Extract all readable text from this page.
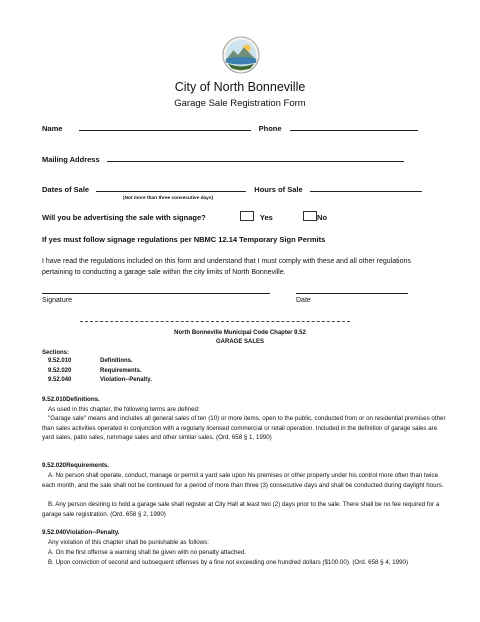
City of North Bonneville
Garage Sale Registration Form
Name	Phone
Mailing Address
Dates of Sale	Hours of Sale
(Not more than three consecutive days)
Will you be advertising the sale with signage?	Yes	No
If yes must follow signage regulations per NBMC 12.14 Temporary Sign Permits
I have read the regulations included on this form and understand that I must comply with these and all other regulations pertaining to conducting a garage sale within the city limits of North Bonneville.
Signature	Date
North Bonneville Municipal Code Chapter 9.52
GARAGE SALES
Sections:
9.52.010	Definitions.
9.52.020	Requirements.
9.52.040	Violation--Penalty.
9.52.010Definitions.
As used in this chapter, the following terms are defined:
"Garage sale" means and includes all general sales of ten (10) or more items, open to the public, conducted from or on residential premises other than sales activities operated in conjunction with a regularly licensed commercial or retail operation. Included in the definition of garage sales are yard sales, patio sales, rummage sales and other similar sales. (Ord. 658 § 1, 1990)
9.52.020Requirements.
A. No person shall operate, conduct, manage or permit a yard sale upon his premises or other property under his control more often than twice each month, and the sale shall not be continued for a period of more than three (3) consecutive days and shall be conducted during daylight hours.
B. Any person desiring to hold a garage sale shall register at City Hall at least two (2) days prior to the sale. There shall be no fee required for a garage sale registration. (Ord. 658 § 2, 1990)
9.52.040Violation--Penalty.
Any violation of this chapter shall be punishable as follows:
A. On the first offense a warning shall be given with no penalty attached.
B. Upon conviction of second and subsequent offenses by a fine not exceeding one hundred dollars ($100.00). (Ord. 658 § 4, 1990)
